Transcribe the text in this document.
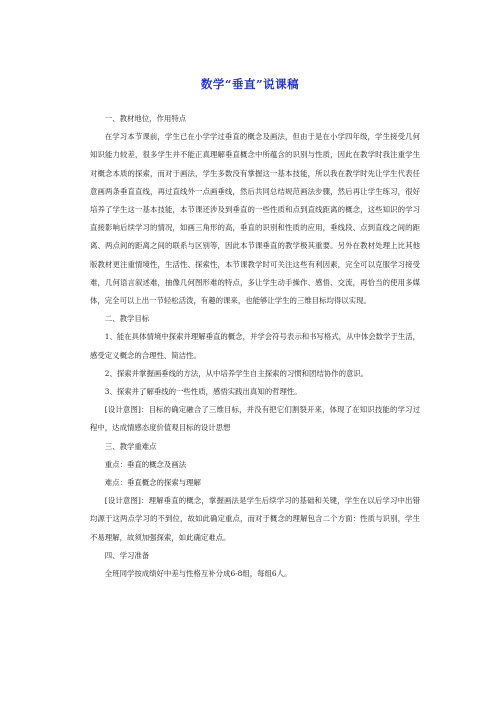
数学“垂直”说课稿

一、教材地位，作用特点

在学习本节课前，学生已在小学学过垂直的概念及画法，但由于是在小学四年级，学生接受几何知识能力较差，很多学生并不能正真理解垂直概念中所蕴含的识别与性质，因此在教学时我注重学生对概念本质的探索，而对于画法，学生多数没有掌握这一基本技能，所以我在教学时先让学生代表任意画两条垂直直线，再过直线外一点画垂线，然后共同总结规范画法步骤，然后再让学生练习，很好培养了学生这一基本技能，本节课还涉及到垂直的一些性质和点到直线距离的概念，这些知识的学习直接影响后续学习的情况，如画三角形的高，垂直的识别和性质的应用，垂线段、点到直线之间的距离、两点间的距离之间的联系与区别等，因此本节课垂直的教学极其重要。另外在教材处理上比其他版教材更注重情境性，生活性、探索性，本节课教学时可关注这些有利因素，完全可以克服学习接受难，几何语言叙述难，抽像几何图形难的特点，多让学生动手操作、感悟、交流，再恰当的使用多媒体，完全可以上出一节轻松活泼，有趣的课来，也能够让学生的三维目标均得以实现。

二、教学目标

1、能在具体情境中探索并理解垂直的概念，并学会符号表示和书写格式，从中体会数学于生活，感受定义概念的合理性、简洁性。

2、探索并掌握画垂线的方法，从中培养学生自主探索的习惯和团结协作的意识。

3、探索并了解垂线的一些性质，感悟实践出真知的哲理性。

[设计意图]：目标的确定融合了三维目标，并没有把它们割裂开来，体现了在知识技能的学习过程中，达成情感态度价值观目标的设计思想

三、教学重难点

重点：垂直的概念及画法

难点：垂直概念的探索与理解

[设计意图]：理解垂直的概念，掌握画法是学生后续学习的基础和关键，学生在以后学习中出错均源于这两点学习的不到位，故如此确定重点，而对于概念的理解包含二个方面：性质与识别，学生不易理解，故须加强探索，如此确定难点。

四、学习准备

全班同学按成绩好中差与性格互补分成6-8组，每组6人。
